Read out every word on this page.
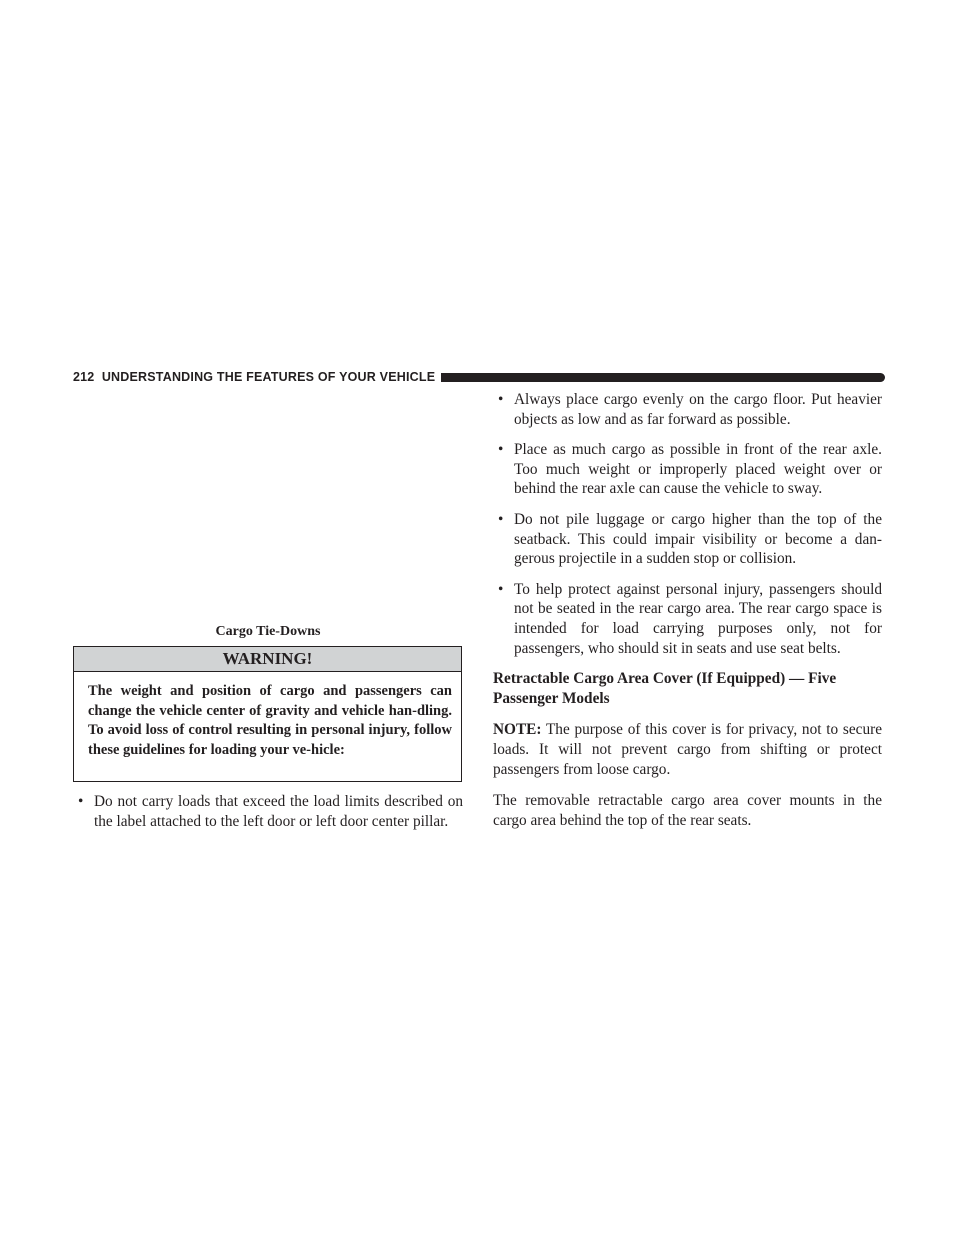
212 UNDERSTANDING THE FEATURES OF YOUR VEHICLE
Cargo Tie-Downs
WARNING!
The weight and position of cargo and passengers can change the vehicle center of gravity and vehicle han-dling. To avoid loss of control resulting in personal injury, follow these guidelines for loading your ve-hicle:
• Do not carry loads that exceed the load limits described on the label attached to the left door or left door center pillar.
• Always place cargo evenly on the cargo floor. Put heavier objects as low and as far forward as possible.
• Place as much cargo as possible in front of the rear axle. Too much weight or improperly placed weight over or behind the rear axle can cause the vehicle to sway.
• Do not pile luggage or cargo higher than the top of the seatback. This could impair visibility or become a dan-gerous projectile in a sudden stop or collision.
• To help protect against personal injury, passengers should not be seated in the rear cargo area. The rear cargo space is intended for load carrying purposes only, not for passengers, who should sit in seats and use seat belts.
Retractable Cargo Area Cover (If Equipped) — Five Passenger Models
NOTE: The purpose of this cover is for privacy, not to secure loads. It will not prevent cargo from shifting or protect passengers from loose cargo.
The removable retractable cargo area cover mounts in the cargo area behind the top of the rear seats.
